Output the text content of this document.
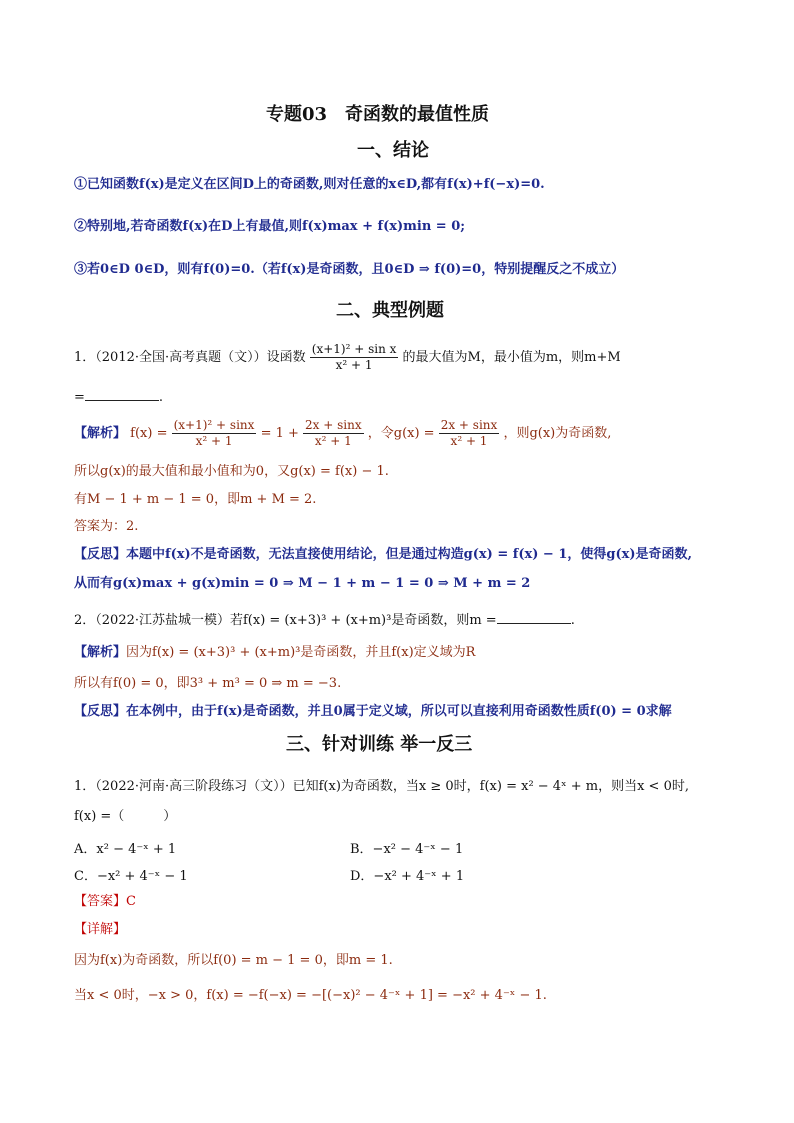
专题03　奇函数的最值性质
一、结论
①已知函数f(x)是定义在区间D上的奇函数,则对任意的x∈D,都有f(x)+f(−x)=0.
②特别地,若奇函数f(x)在D上有最值,则f(x)max + f(x)min = 0;
③若0∈D 0∈D，则有f(0)=0.（若f(x)是奇函数，且0∈D ⇒ f(0)=0，特别提醒反之不成立）
二、典型例题
1．（2012·全国·高考真题（文））设函数 $\frac{\text{(x+1)² + sin x}}{\text{x² + 1}}$ 的最大值为M，最小值为m，则m+M
=	.
【解析】 $f(x) = \frac{\text{(x+1)² + sinx}}{\text{x² + 1}} = 1 + \frac{2x + \sin x}{\text{x² + 1}}$ ，令$g(x) = \frac{2x + \sin x}{\text{x² + 1}}$ ，则g(x)为奇函数,
所以g(x)的最大值和最小值和为0，又g(x) = f(x) − 1.
有M − 1 + m − 1 = 0，即m + M = 2.
答案为：2.
【反思】本题中f(x)不是奇函数，无法直接使用结论，但是通过构造g(x) = f(x) − 1，使得g(x)是奇函数,
从而有g(x)max + g(x)min = 0 ⇒ M − 1 + m − 1 = 0 ⇒ M + m = 2
2．（2022·江苏盐城一模）若f(x) = (x+3)³ + (x+m)³是奇函数，则m =	.
【解析】因为f(x) = (x+3)³ + (x+m)³是奇函数，并且f(x)定义域为R
所以有f(0) = 0，即3³ + m³ = 0 ⇒ m = −3.
【反思】在本例中，由于f(x)是奇函数，并且0属于定义域，所以可以直接利用奇函数性质f(0) = 0求解
三、针对训练 举一反三
1．（2022·河南·高三阶段练习（文））已知f(x)为奇函数，当x ≥ 0时，f(x) = x² − 4ˣ + m，则当x < 0时,
f(x) =（　　　）
A．x² − 4⁻ˣ + 1	B．−x² − 4⁻ˣ − 1
C．−x² + 4⁻ˣ − 1	D．−x² + 4⁻ˣ + 1
【答案】C
【详解】
因为f(x)为奇函数，所以f(0) = m − 1 = 0，即m = 1.
当x < 0时，−x > 0，f(x) = −f(−x) = −[(−x)² − 4⁻ˣ + 1] = −x² + 4⁻ˣ − 1.
